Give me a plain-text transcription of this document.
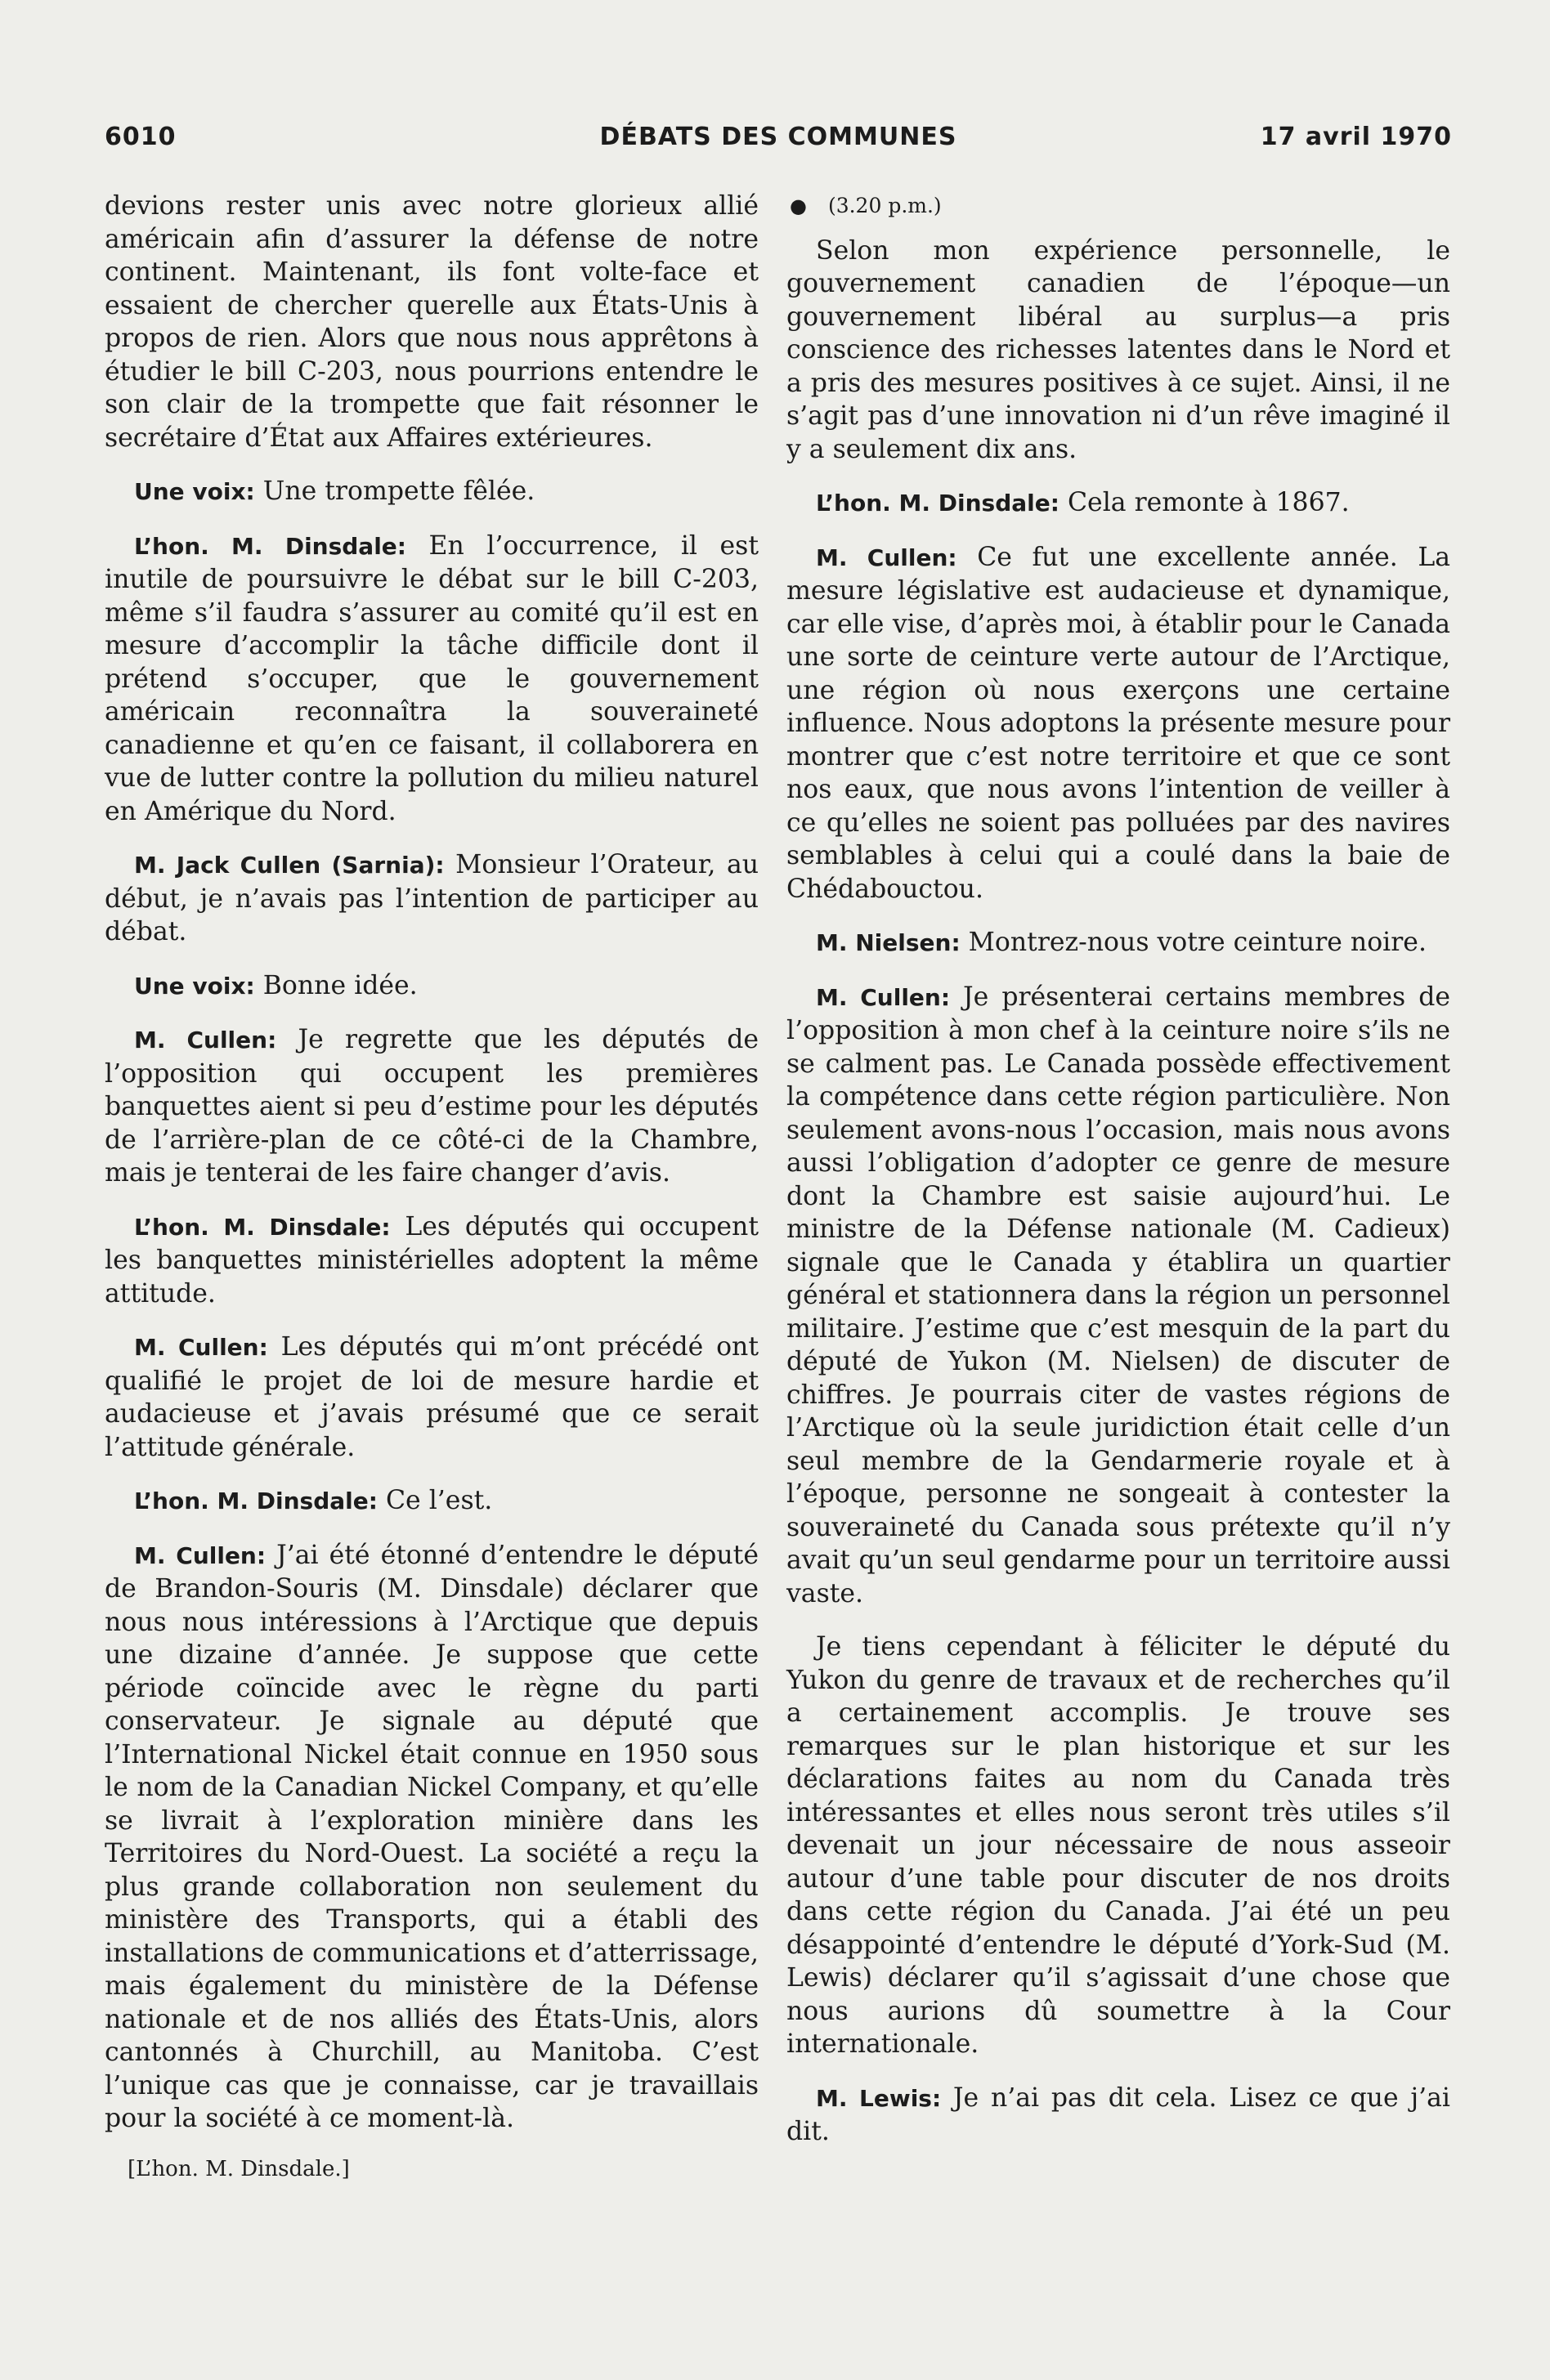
6010	DÉBATS DES COMMUNES	17 avril 1970

devions rester unis avec notre glorieux allié américain afin d’assurer la défense de notre continent. Maintenant, ils font volte-face et essaient de chercher querelle aux États-Unis à propos de rien. Alors que nous nous apprêtons à étudier le bill C-203, nous pourrions entendre le son clair de la trompette que fait résonner le secrétaire d’État aux Affaires extérieures.

Une voix: Une trompette fêlée.

L’hon. M. Dinsdale: En l’occurrence, il est inutile de poursuivre le débat sur le bill C-203, même s’il faudra s’assurer au comité qu’il est en mesure d’accomplir la tâche difficile dont il prétend s’occuper, que le gouvernement américain reconnaîtra la souveraineté canadienne et qu’en ce faisant, il collaborera en vue de lutter contre la pollution du milieu naturel en Amérique du Nord.

M. Jack Cullen (Sarnia): Monsieur l’Orateur, au début, je n’avais pas l’intention de participer au débat.

Une voix: Bonne idée.

M. Cullen: Je regrette que les députés de l’opposition qui occupent les premières banquettes aient si peu d’estime pour les députés de l’arrière-plan de ce côté-ci de la Chambre, mais je tenterai de les faire changer d’avis.

L’hon. M. Dinsdale: Les députés qui occupent les banquettes ministérielles adoptent la même attitude.

M. Cullen: Les députés qui m’ont précédé ont qualifié le projet de loi de mesure hardie et audacieuse et j’avais présumé que ce serait l’attitude générale.

L’hon. M. Dinsdale: Ce l’est.

M. Cullen: J’ai été étonné d’entendre le député de Brandon-Souris (M. Dinsdale) déclarer que nous nous intéressions à l’Arctique que depuis une dizaine d’année. Je suppose que cette période coïncide avec le règne du parti conservateur. Je signale au député que l’International Nickel était connue en 1950 sous le nom de la Canadian Nickel Company, et qu’elle se livrait à l’exploration minière dans les Territoires du Nord-Ouest. La société a reçu la plus grande collaboration non seulement du ministère des Transports, qui a établi des installations de communications et d’atterrissage, mais également du ministère de la Défense nationale et de nos alliés des États-Unis, alors cantonnés à Churchill, au Manitoba. C’est l’unique cas que je connaisse, car je travaillais pour la société à ce moment-là.

[L’hon. M. Dinsdale.]
● (3.20 p.m.)

Selon mon expérience personnelle, le gouvernement canadien de l’époque—un gouvernement libéral au surplus—a pris conscience des richesses latentes dans le Nord et a pris des mesures positives à ce sujet. Ainsi, il ne s’agit pas d’une innovation ni d’un rêve imaginé il y a seulement dix ans.

L’hon. M. Dinsdale: Cela remonte à 1867.

M. Cullen: Ce fut une excellente année. La mesure législative est audacieuse et dynamique, car elle vise, d’après moi, à établir pour le Canada une sorte de ceinture verte autour de l’Arctique, une région où nous exerçons une certaine influence. Nous adoptons la présente mesure pour montrer que c’est notre territoire et que ce sont nos eaux, que nous avons l’intention de veiller à ce qu’elles ne soient pas polluées par des navires semblables à celui qui a coulé dans la baie de Chédabouctou.

M. Nielsen: Montrez-nous votre ceinture noire.

M. Cullen: Je présenterai certains membres de l’opposition à mon chef à la ceinture noire s’ils ne se calment pas. Le Canada possède effectivement la compétence dans cette région particulière. Non seulement avons-nous l’occasion, mais nous avons aussi l’obligation d’adopter ce genre de mesure dont la Chambre est saisie aujourd’hui. Le ministre de la Défense nationale (M. Cadieux) signale que le Canada y établira un quartier général et stationnera dans la région un personnel militaire. J’estime que c’est mesquin de la part du député de Yukon (M. Nielsen) de discuter de chiffres. Je pourrais citer de vastes régions de l’Arctique où la seule juridiction était celle d’un seul membre de la Gendarmerie royale et à l’époque, personne ne songeait à contester la souveraineté du Canada sous prétexte qu’il n’y avait qu’un seul gendarme pour un territoire aussi vaste.

Je tiens cependant à féliciter le député du Yukon du genre de travaux et de recherches qu’il a certainement accomplis. Je trouve ses remarques sur le plan historique et sur les déclarations faites au nom du Canada très intéressantes et elles nous seront très utiles s’il devenait un jour nécessaire de nous asseoir autour d’une table pour discuter de nos droits dans cette région du Canada. J’ai été un peu désappointé d’entendre le député d’York-Sud (M. Lewis) déclarer qu’il s’agissait d’une chose que nous aurions dû soumettre à la Cour internationale.

M. Lewis: Je n’ai pas dit cela. Lisez ce que j’ai dit.
